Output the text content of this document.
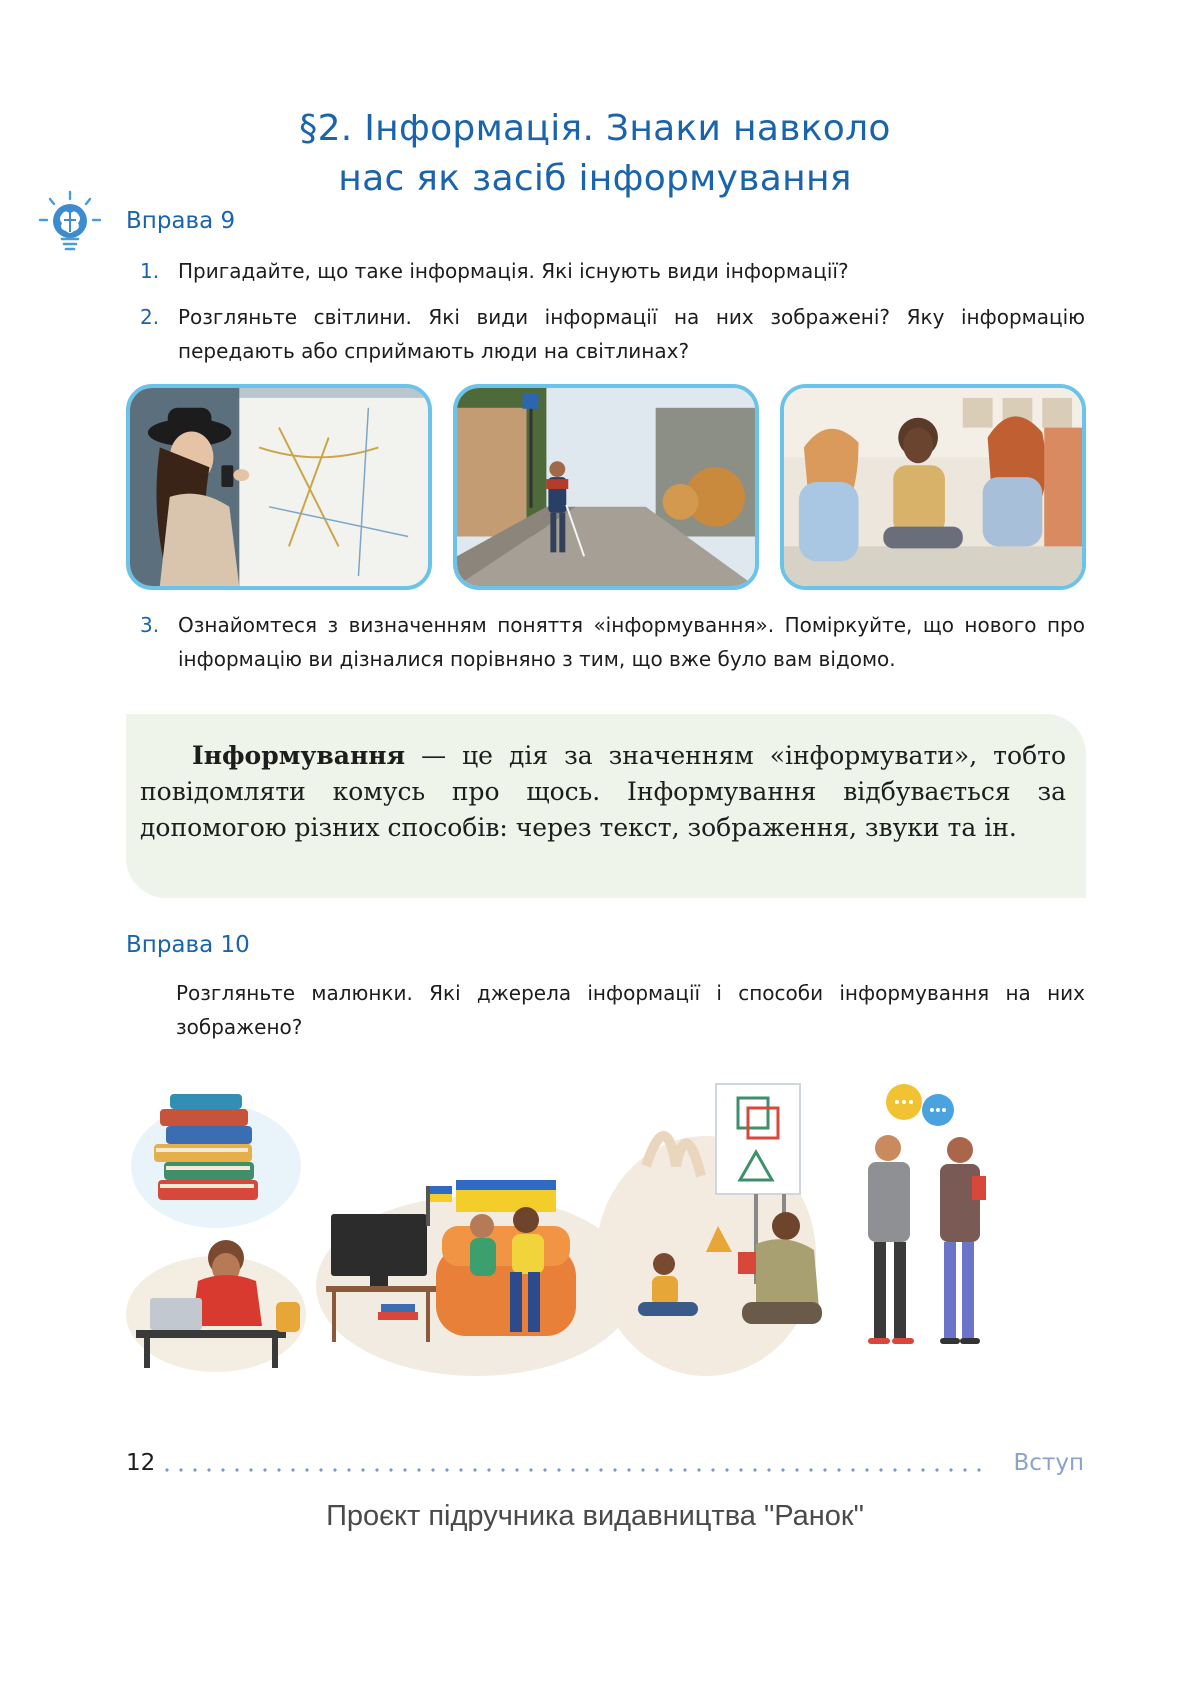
§2. Інформація. Знаки навколо
нас як засіб інформування
Вправа 9
1. Пригадайте, що таке інформація. Які існують види інформації?
2. Розгляньте світлини. Які види інформації на них зображені? Яку інформацію передають або сприймають люди на світлинах?
3. Ознайомтеся з визначенням поняття «інформування». Поміркуйте, що нового про інформацію ви дізналися порівняно з тим, що вже було вам відомо.

Інформування — це дія за значенням «інформувати», тобто повідомляти комусь про щось. Інформування відбувається за допомогою різних способів: через текст, зображення, звуки та ін.

Вправа 10
Розгляньте малюнки. Які джерела інформації і способи інформування на них зображено?
12	Вступ
Проєкт підручника видавництва "Ранок"
